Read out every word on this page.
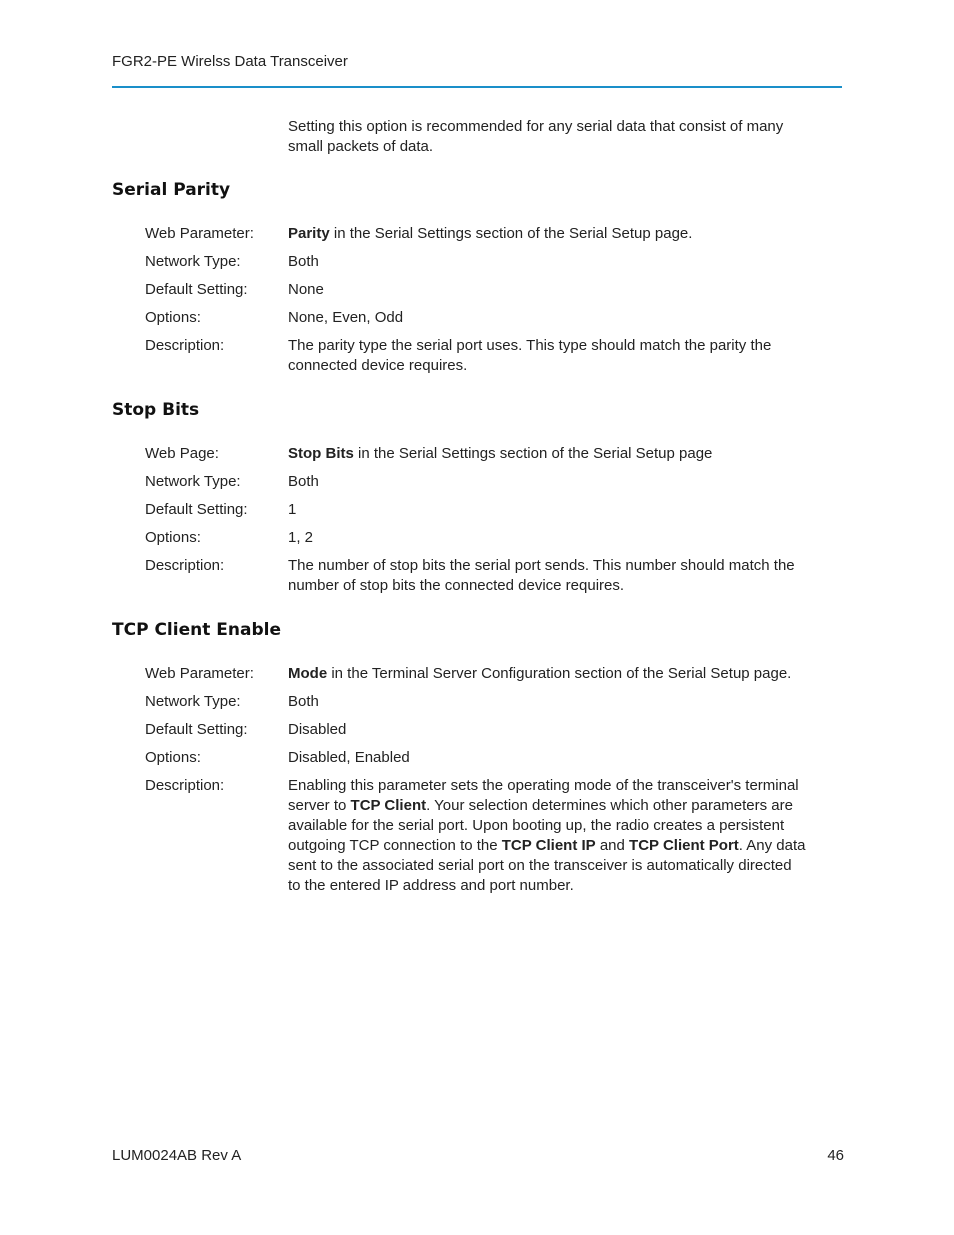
FGR2-PE Wirelss Data Transceiver
Setting this option is recommended for any serial data that consist of many small packets of data.
Serial Parity
Web Parameter: Parity in the Serial Settings section of the Serial Setup page.
Network Type:	Both
Default Setting:	None
Options:	None, Even, Odd
Description:	The parity type the serial port uses. This type should match the parity the connected device requires.
Stop Bits
Web Page:	Stop Bits in the Serial Settings section of the Serial Setup page
Network Type:	Both
Default Setting:	1
Options:	1, 2
Description:	The number of stop bits the serial port sends. This number should match the number of stop bits the connected device requires.
TCP Client Enable
Web Parameter: Mode in the Terminal Server Configuration section of the Serial Setup page.
Network Type:	Both
Default Setting:	Disabled
Options:	Disabled, Enabled
Description:	Enabling this parameter sets the operating mode of the transceiver's terminal server to TCP Client. Your selection determines which other parameters are available for the serial port. Upon booting up, the radio creates a persistent outgoing TCP connection to the TCP Client IP and TCP Client Port. Any data sent to the associated serial port on the transceiver is automatically directed to the entered IP address and port number.
LUM0024AB Rev A	46
